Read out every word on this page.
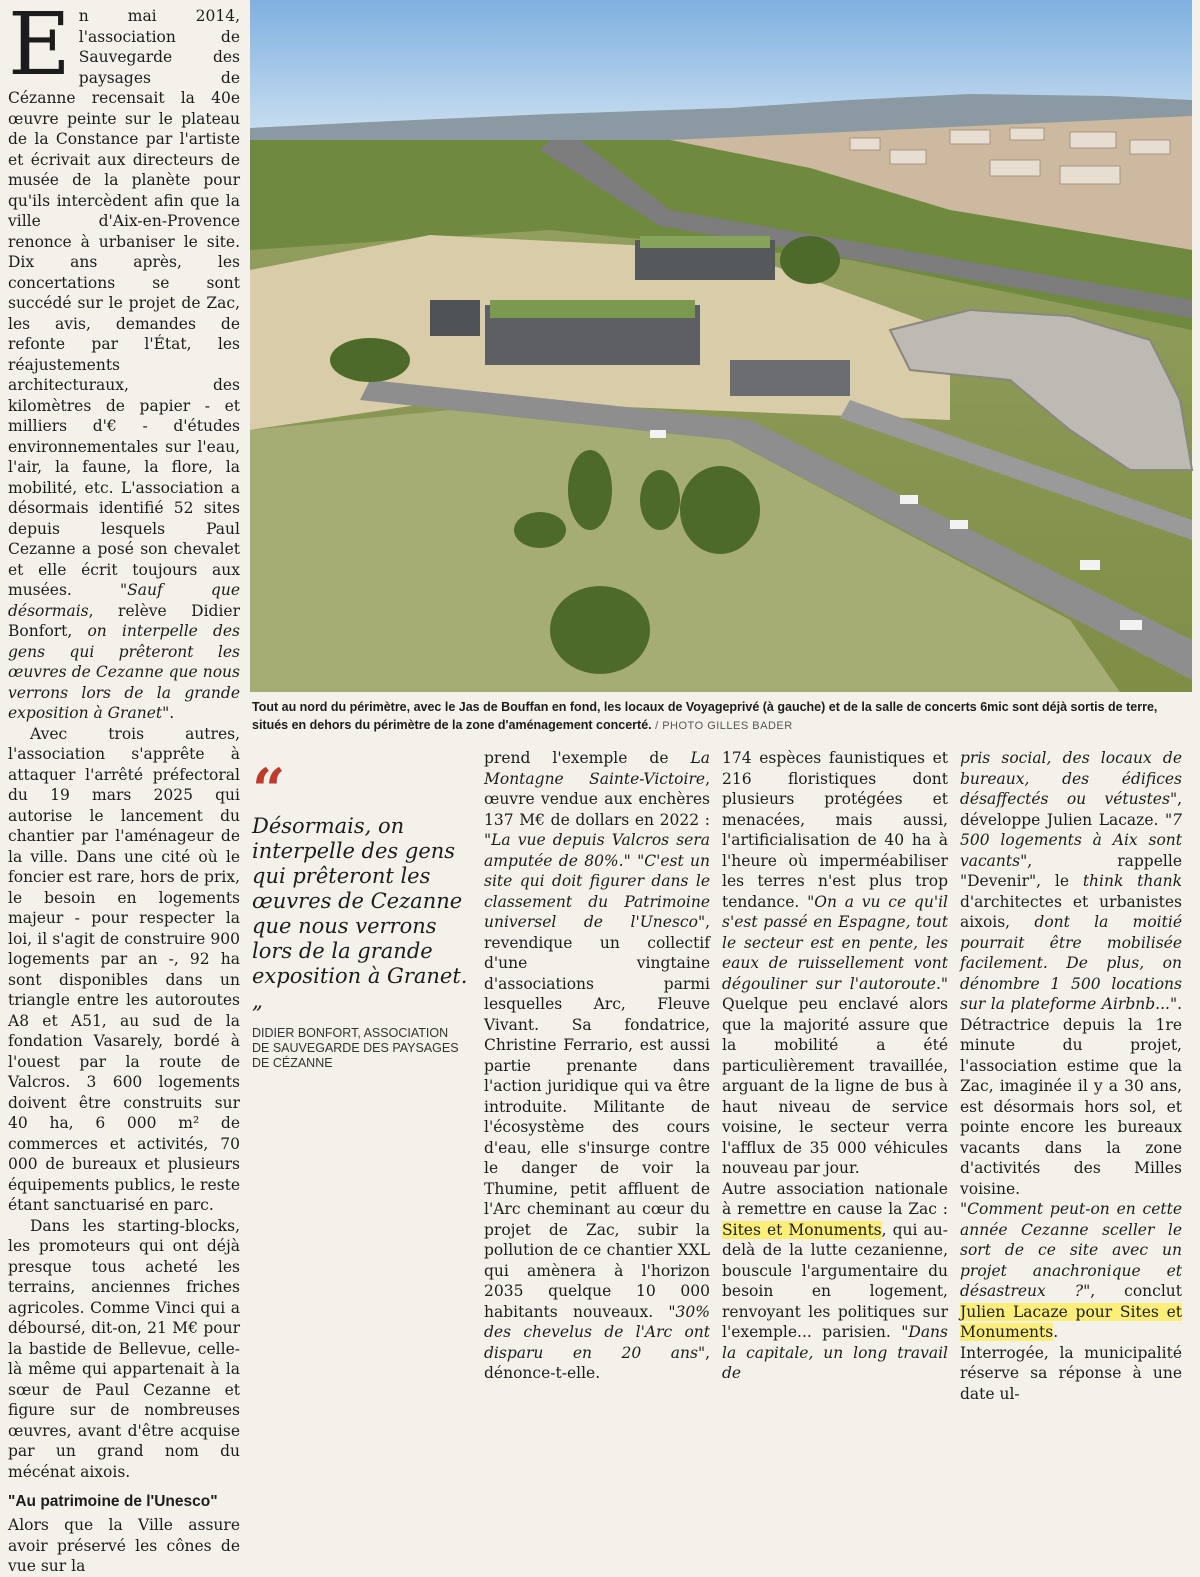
En mai 2014, l'association de Sauvegarde des paysages de Cézanne recensait la 40e œuvre peinte sur le plateau de la Constance par l'artiste et écrivait aux directeurs de musée de la planète pour qu'ils intercèdent afin que la ville d'Aix-en-Provence renonce à urbaniser le site. Dix ans après, les concertations se sont succédé sur le projet de Zac, les avis, demandes de refonte par l'État, les réajustements architecturaux, des kilomètres de papier - et milliers d'€ - d'études environnementales sur l'eau, l'air, la faune, la flore, la mobilité, etc. L'association a désormais identifié 52 sites depuis lesquels Paul Cezanne a posé son chevalet et elle écrit toujours aux musées. "Sauf que désormais, relève Didier Bonfort, on interpelle des gens qui prêteront les œuvres de Cezanne que nous verrons lors de la grande exposition à Granet".

Avec trois autres, l'association s'apprête à attaquer l'arrêté préfectoral du 19 mars 2025 qui autorise le lancement du chantier par l'aménageur de la ville. Dans une cité où le foncier est rare, hors de prix, le besoin en logements majeur - pour respecter la loi, il s'agit de construire 900 logements par an -, 92 ha sont disponibles dans un triangle entre les autoroutes A8 et A51, au sud de la fondation Vasarely, bordé à l'ouest par la route de Valcros. 3 600 logements doivent être construits sur 40 ha, 6 000 m² de commerces et activités, 70 000 de bureaux et plusieurs équipements publics, le reste étant sanctuarisé en parc.

Dans les starting-blocks, les promoteurs qui ont déjà presque tous acheté les terrains, anciennes friches agricoles. Comme Vinci qui a déboursé, dit-on, 21 M€ pour la bastide de Bellevue, celle-là même qui appartenait à la sœur de Paul Cezanne et figure sur de nombreuses œuvres, avant d'être acquise par un grand nom du mécénat aixois.

"Au patrimoine de l'Unesco"

Alors que la Ville assure avoir préservé les cônes de vue sur la

Tout au nord du périmètre, avec le Jas de Bouffan en fond, les locaux de Voyageprivé (à gauche) et de la salle de concerts 6mic sont déjà sortis de terre, situés en dehors du périmètre de la zone d'aménagement concerté. / PHOTO GILLES BADER
“
Désormais, on interpelle des gens qui prêteront les œuvres de Cezanne que nous verrons lors de la grande exposition à Granet.„
DIDIER BONFORT, ASSOCIATION DE SAUVEGARDE DES PAYSAGES DE CÉZANNE

prend l'exemple de La Montagne Sainte-Victoire, œuvre vendue aux enchères 137 M€ de dollars en 2022 : "La vue depuis Valcros sera amputée de 80%." "C'est un site qui doit figurer dans le classement du Patrimoine universel de l'Unesco", revendique un collectif d'une vingtaine d'associations parmi lesquelles Arc, Fleuve Vivant. Sa fondatrice, Christine Ferrario, est aussi partie prenante dans l'action juridique qui va être introduite. Militante de l'écosystème des cours d'eau, elle s'insurge contre le danger de voir la Thumine, petit affluent de l'Arc cheminant au cœur du projet de Zac, subir la pollution de ce chantier XXL qui amènera à l'horizon 2035 quelque 10 000 habitants nouveaux. "30% des chevelus de l'Arc ont disparu en 20 ans", dénonce-t-elle.

174 espèces faunistiques et 216 floristiques dont plusieurs protégées et menacées, mais aussi, l'artificialisation de 40 ha à l'heure où imperméabiliser les terres n'est plus trop tendance. "On a vu ce qu'il s'est passé en Espagne, tout le secteur est en pente, les eaux de ruissellement vont dégouliner sur l'autoroute." Quelque peu enclavé alors que la majorité assure que la mobilité a été particulièrement travaillée, arguant de la ligne de bus à haut niveau de service voisine, le secteur verra l'afflux de 35 000 véhicules nouveau par jour.

Autre association nationale à remettre en cause la Zac : Sites et Monuments, qui au-delà de la lutte cezanienne, bouscule l'argumentaire du besoin en logement, renvoyant les politiques sur l'exemple... parisien. "Dans la capitale, un long travail de

pris social, des locaux de bureaux, des édifices désaffectés ou vétustes", développe Julien Lacaze. "7 500 logements à Aix sont vacants", rappelle "Devenir", le think thank d'architectes et urbanistes aixois, dont la moitié pourrait être mobilisée facilement. De plus, on dénombre 1 500 locations sur la plateforme Airbnb...". Détractrice depuis la 1re minute du projet, l'association estime que la Zac, imaginée il y a 30 ans, est désormais hors sol, et pointe encore les bureaux vacants dans la zone d'activités des Milles voisine.

"Comment peut-on en cette année Cezanne sceller le sort de ce site avec un projet anachronique et désastreux ?", conclut Julien Lacaze pour Sites et Monuments.

Interrogée, la municipalité réserve sa réponse à une date ul-
